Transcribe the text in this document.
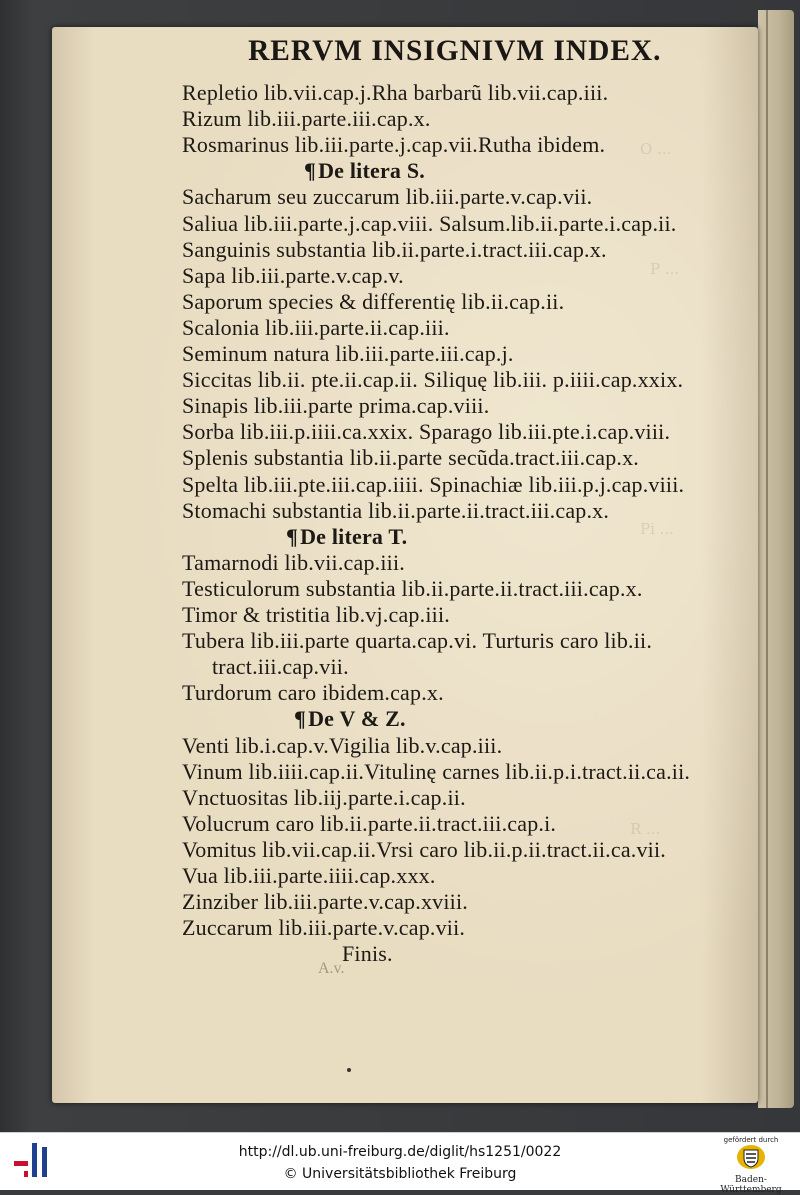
O ...
P ...
Pi ...
R ...
RERVM INSIGNIVM INDEX.
Repletio lib.vii.cap.j.Rha barbarũ lib.vii.cap.iii.
Rizum lib.iii.parte.iii.cap.x.
Rosmarinus lib.iii.parte.j.cap.vii.Rutha ibidem.
¶De litera S.
Sacharum seu zuccarum lib.iii.parte.v.cap.vii.
Saliua lib.iii.parte.j.cap.viii. Salsum.lib.ii.parte.i.cap.ii.
Sanguinis substantia lib.ii.parte.i.tract.iii.cap.x.
Sapa lib.iii.parte.v.cap.v.
Saporum species & differentię lib.ii.cap.ii.
Scalonia lib.iii.parte.ii.cap.iii.
Seminum natura lib.iii.parte.iii.cap.j.
Siccitas lib.ii. pte.ii.cap.ii. Siliquę lib.iii. p.iiii.cap.xxix.
Sinapis lib.iii.parte prima.cap.viii.
Sorba lib.iii.p.iiii.ca.xxix. Sparago lib.iii.pte.i.cap.viii.
Splenis substantia lib.ii.parte secũda.tract.iii.cap.x.
Spelta lib.iii.pte.iii.cap.iiii. Spinachiæ lib.iii.p.j.cap.viii.
Stomachi substantia lib.ii.parte.ii.tract.iii.cap.x.
¶De litera T.
Tamarnodi lib.vii.cap.iii.
Testiculorum substantia lib.ii.parte.ii.tract.iii.cap.x.
Timor & tristitia lib.vj.cap.iii.
Tubera lib.iii.parte quarta.cap.vi. Turturis caro lib.ii.
tract.iii.cap.vii.
Turdorum caro ibidem.cap.x.
¶De V & Z.
Venti lib.i.cap.v.Vigilia lib.v.cap.iii.
Vinum lib.iiii.cap.ii.Vitulinę carnes lib.ii.p.i.tract.ii.ca.ii.
Vnctuositas lib.iij.parte.i.cap.ii.
Volucrum caro lib.ii.parte.ii.tract.iii.cap.i.
Vomitus lib.vii.cap.ii.Vrsi caro lib.ii.p.ii.tract.ii.ca.vii.
Vua lib.iii.parte.iiii.cap.xxx.
Zinziber lib.iii.parte.v.cap.xviii.
Zuccarum lib.iii.parte.v.cap.vii.
Finis.
A.v.
http://dl.ub.uni-freiburg.de/diglit/hs1251/0022
© Universitätsbibliothek Freiburg
gefördert durch
Baden-Württemberg
